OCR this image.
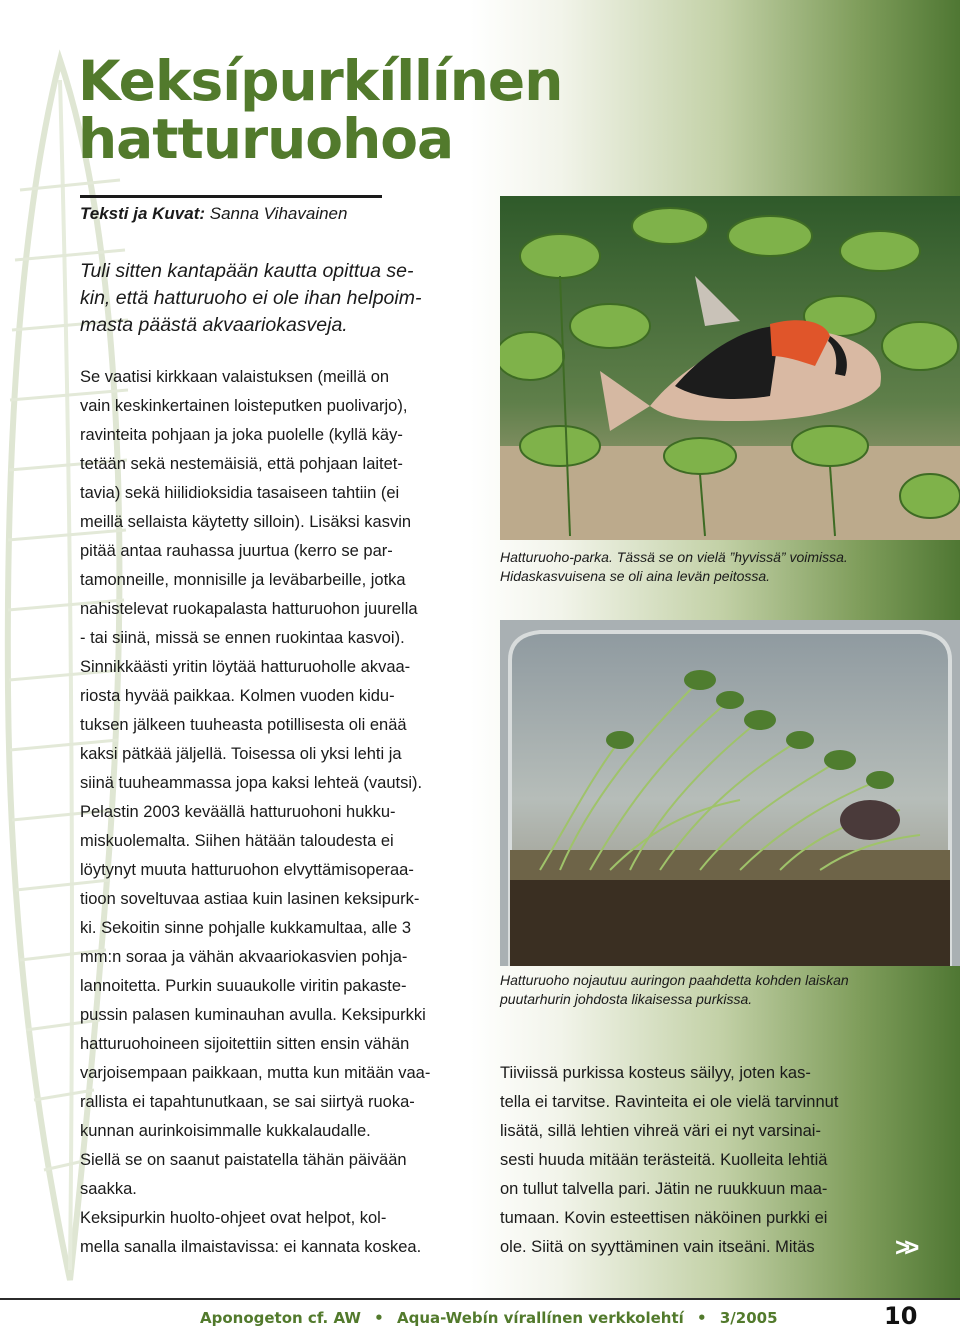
Keksípurkíllínen
hatturuohoa
Teksti ja Kuvat: Sanna Vihavainen

Tuli sitten kantapään kautta opittua se-
kin, että hatturuoho ei ole ihan helpoim-
masta päästä akvaariokasveja.

Se vaatisi kirkkaan valaistuksen (meillä on
vain keskinkertainen loisteputken puolivarjo),
ravinteita pohjaan ja joka puolelle (kyllä käy-
tetään sekä nestemäisiä, että pohjaan laitet-
tavia) sekä hiilidioksidia tasaiseen tahtiin (ei
meillä sellaista käytetty silloin). Lisäksi kasvin
pitää antaa rauhassa juurtua (kerro se par-
tamonneille, monnisille ja leväbarbeille, jotka
nahistelevat ruokapalasta hatturuohon juurella
- tai siinä, missä se ennen ruokintaa kasvoi).
Sinnikkäästi yritin löytää hatturuoholle akvaa-
riosta hyvää paikkaa. Kolmen vuoden kidu-
tuksen jälkeen tuuheasta potillisesta oli enää
kaksi pätkää jäljellä. Toisessa oli yksi lehti ja
siinä tuuheammassa jopa kaksi lehteä (vautsi).
Pelastin 2003 keväällä hatturuohoni hukku-
miskuolemalta. Siihen hätään taloudesta ei
löytynyt muuta hatturuohon elvyttämisoperaa-
tioon soveltuvaa astiaa kuin lasinen keksipurk-
ki. Sekoitin sinne pohjalle kukkamultaa, alle 3
mm:n soraa ja vähän akvaariokasvien pohja-
lannoitetta. Purkin suuaukolle viritin pakaste-
pussin palasen kuminauhan avulla. Keksipurkki
hatturuohoineen sijoitettiin sitten ensin vähän
varjoisempaan paikkaan, mutta kun mitään vaa-
rallista ei tapahtunutkaan, se sai siirtyä ruoka-
kunnan aurinkoisimmalle kukkalaudalle.
Siellä se on saanut paistatella tähän päivään
saakka.
Keksipurkin huolto-ohjeet ovat helpot, kol-
mella sanalla ilmaistavissa: ei kannata koskea.

Hatturuoho-parka. Tässä se on vielä ”hyvissä” voimissa.
Hidaskasvuisena se oli aina levän peitossa.

Hatturuoho nojautuu auringon paahdetta kohden laiskan
puutarhurin johdosta likaisessa purkissa.

Tiiviissä purkissa kosteus säilyy, joten kas-
tella ei tarvitse. Ravinteita ei ole vielä tarvinnut
lisätä, sillä lehtien vihreä väri ei nyt varsinai-
sesti huuda mitään terästeitä. Kuolleita lehtiä
on tullut talvella pari. Jätin ne ruukkuun maa-
tumaan. Kovin esteettisen näköinen purkki ei
ole. Siitä on syyttäminen vain itseäni. Mitäs	>>
Aponogeton cf. AW • Aqua-Webín vírallínen verkkolehtí • 3/2005	10
